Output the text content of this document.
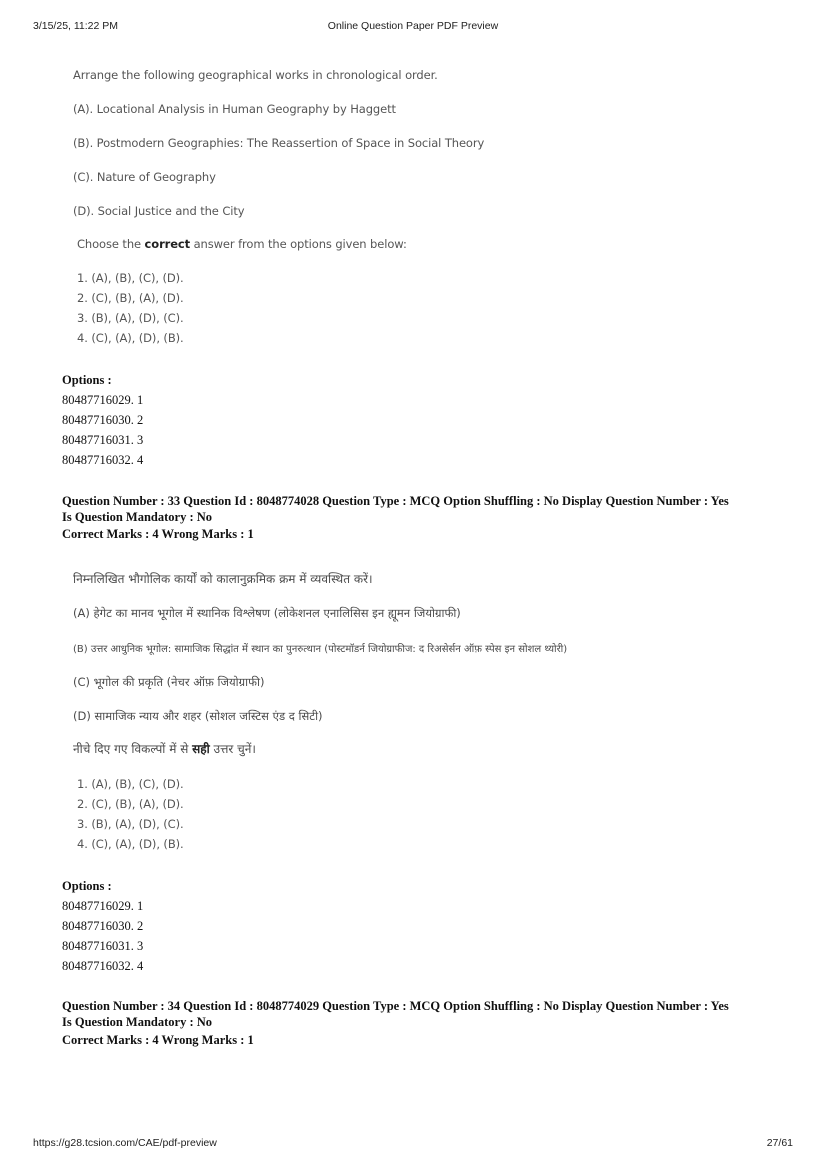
3/15/25, 11:22 PM	Online Question Paper PDF Preview
Arrange the following geographical works in chronological order.
(A). Locational Analysis in Human Geography by Haggett
(B). Postmodern Geographies: The Reassertion of Space in Social Theory
(C). Nature of Geography
(D). Social Justice and the City
Choose the correct answer from the options given below:
1. (A), (B), (C), (D).
2. (C), (B), (A), (D).
3. (B), (A), (D), (C).
4. (C), (A), (D), (B).
Options :
80487716029. 1
80487716030. 2
80487716031. 3
80487716032. 4
Question Number : 33 Question Id : 8048774028 Question Type : MCQ Option Shuffling : No Display Question Number : Yes
Is Question Mandatory : No
Correct Marks : 4 Wrong Marks : 1
निम्नलिखित भौगोलिक कार्यों को कालानुक्रमिक क्रम में व्यवस्थित करें।
(A) हेगेट का मानव भूगोल में स्थानिक विश्लेषण (लोकेशनल एनालिसिस इन ह्यूमन जियोग्राफी)
(B) उत्तर आधुनिक भूगोल: सामाजिक सिद्धांत में स्थान का पुनरुत्थान (पोस्टमॉडर्न जियोग्राफीज: द रिअसेर्सन ऑफ़ स्पेस इन सोशल थ्योरी)
(C) भूगोल की प्रकृति (नेचर ऑफ़ जियोग्राफी)
(D) सामाजिक न्याय और शहर (सोशल जस्टिस एंड द सिटी)
नीचे दिए गए विकल्पों में से सही उत्तर चुनें।
1. (A), (B), (C), (D).
2. (C), (B), (A), (D).
3. (B), (A), (D), (C).
4. (C), (A), (D), (B).
Options :
80487716029. 1
80487716030. 2
80487716031. 3
80487716032. 4
Question Number : 34 Question Id : 8048774029 Question Type : MCQ Option Shuffling : No Display Question Number : Yes
Is Question Mandatory : No
Correct Marks : 4 Wrong Marks : 1
https://g28.tcsion.com/CAE/pdf-preview	27/61
